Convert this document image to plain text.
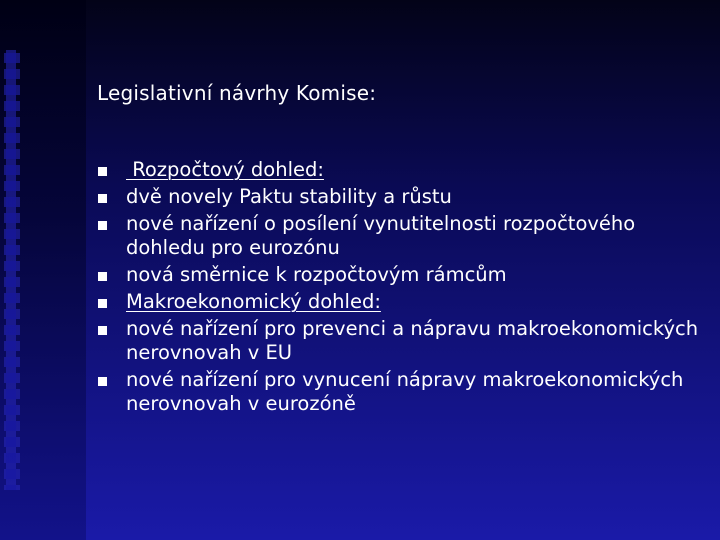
Legislativní návrhy Komise:
Rozpočtový dohled:
dvě novely Paktu stability a růstu
nové nařízení o posílení vynutitelnosti rozpočtového dohledu pro eurozónu
nová směrnice k rozpočtovým rámcům
Makroekonomický dohled:
nové nařízení pro prevenci a nápravu makroekonomických nerovnovah v EU
nové nařízení pro vynucení nápravy makroekonomických nerovnovah v eurozóně
